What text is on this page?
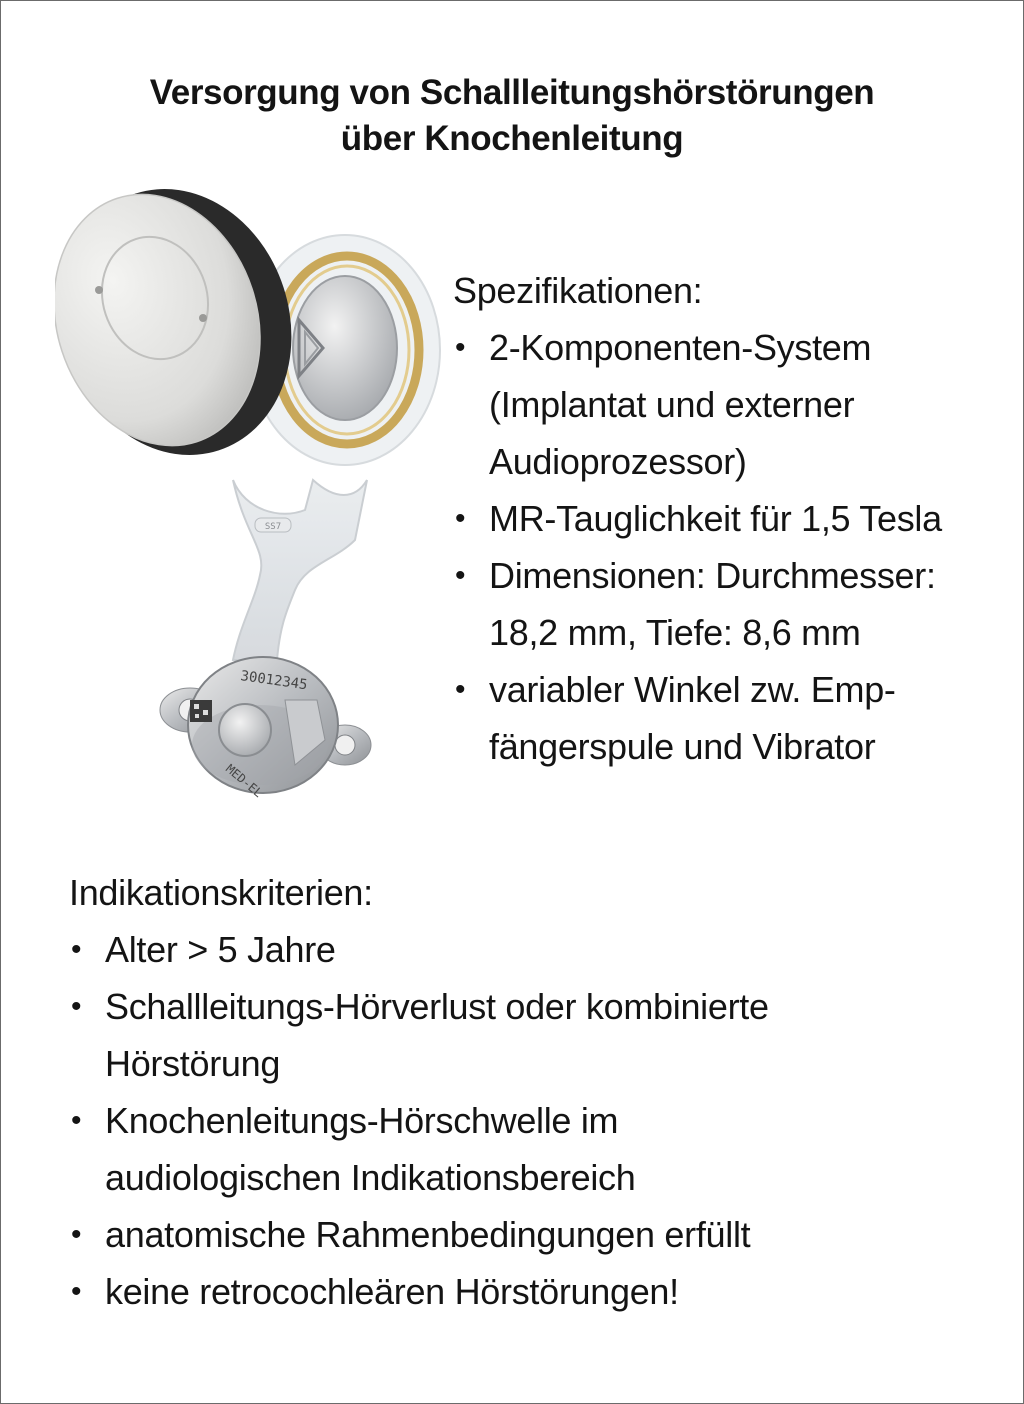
Versorgung von Schallleitungshörstörungen
über Knochenleitung
SS7
30012345
MED-EL
Spezifikationen:
• 2-Komponenten-System
(Implantat und externer
Audioprozessor)
• MR-Tauglichkeit für 1,5 Tesla
• Dimensionen: Durchmesser:
18,2 mm, Tiefe: 8,6 mm
• variabler Winkel zw. Emp-
fängerspule und Vibrator
Indikationskriterien:
• Alter > 5 Jahre
• Schallleitungs-Hörverlust oder kombinierte
Hörstörung
• Knochenleitungs-Hörschwelle im
audiologischen Indikationsbereich
• anatomische Rahmenbedingungen erfüllt
• keine retrocochleären Hörstörungen!
